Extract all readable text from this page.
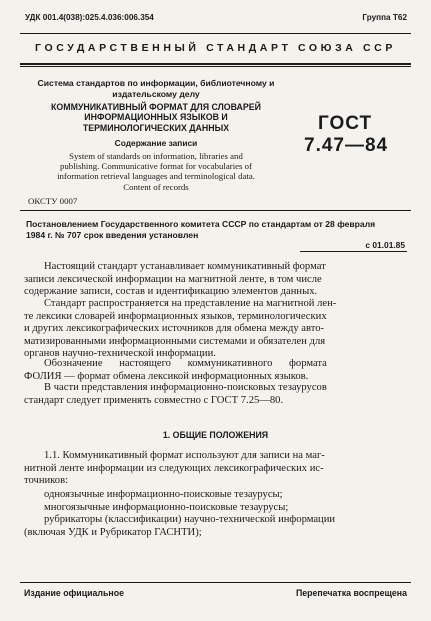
УДК 001.4(038):025.4.036:006.354	Группа Т62
ГОСУДАРСТВЕННЫЙ СТАНДАРТ СОЮЗА ССР
Система стандартов по информации, библиотечному и
издательскому делу
КОММУНИКАТИВНЫЙ ФОРМАТ ДЛЯ СЛОВАРЕЙ
ИНФОРМАЦИОННЫХ ЯЗЫКОВ И
ТЕРМИНОЛОГИЧЕСКИХ ДАННЫХ
Содержание записи
System of standards on information, libraries and
publishing. Communicative format for vocabularies of
information retrieval languages and terminological data.
Content of records
ОКСТУ 0007
ГОСТ
7.47—84
Постановлением Государственного комитета СССР по стандартам от 28 февраля
1984 г. № 707 срок введения установлен
с 01.01.85
Настоящий стандарт устанавливает коммуникативный формат
записи лексической информации на магнитной ленте, в том числе
содержание записи, состав и идентификацию элементов данных.
Стандарт распространяется на представление на магнитной лен-
те лексики словарей информационных языков, терминологических
и других лексикографических источников для обмена между авто-
матизированными информационными системами и обязателен для
органов научно-технической информации.
Обозначение настоящего коммуникативного формата
ФОЛИЯ — формат обмена лексикой информационных языков.
В части представления информационно-поисковых тезаурусов
стандарт следует применять совместно с ГОСТ 7.25—80.
1. ОБЩИЕ ПОЛОЖЕНИЯ
1.1. Коммуникативный формат используют для записи на маг-
нитной ленте информации из следующих лексикографических ис-
точников:
одноязычные информационно-поисковые тезаурусы;
многоязычные информационно-поисковые тезаурусы;
рубрикаторы (классификации) научно-технической информации
(включая УДК и Рубрикатор ГАСНТИ);
Издание официальное	Перепечатка воспрещена
